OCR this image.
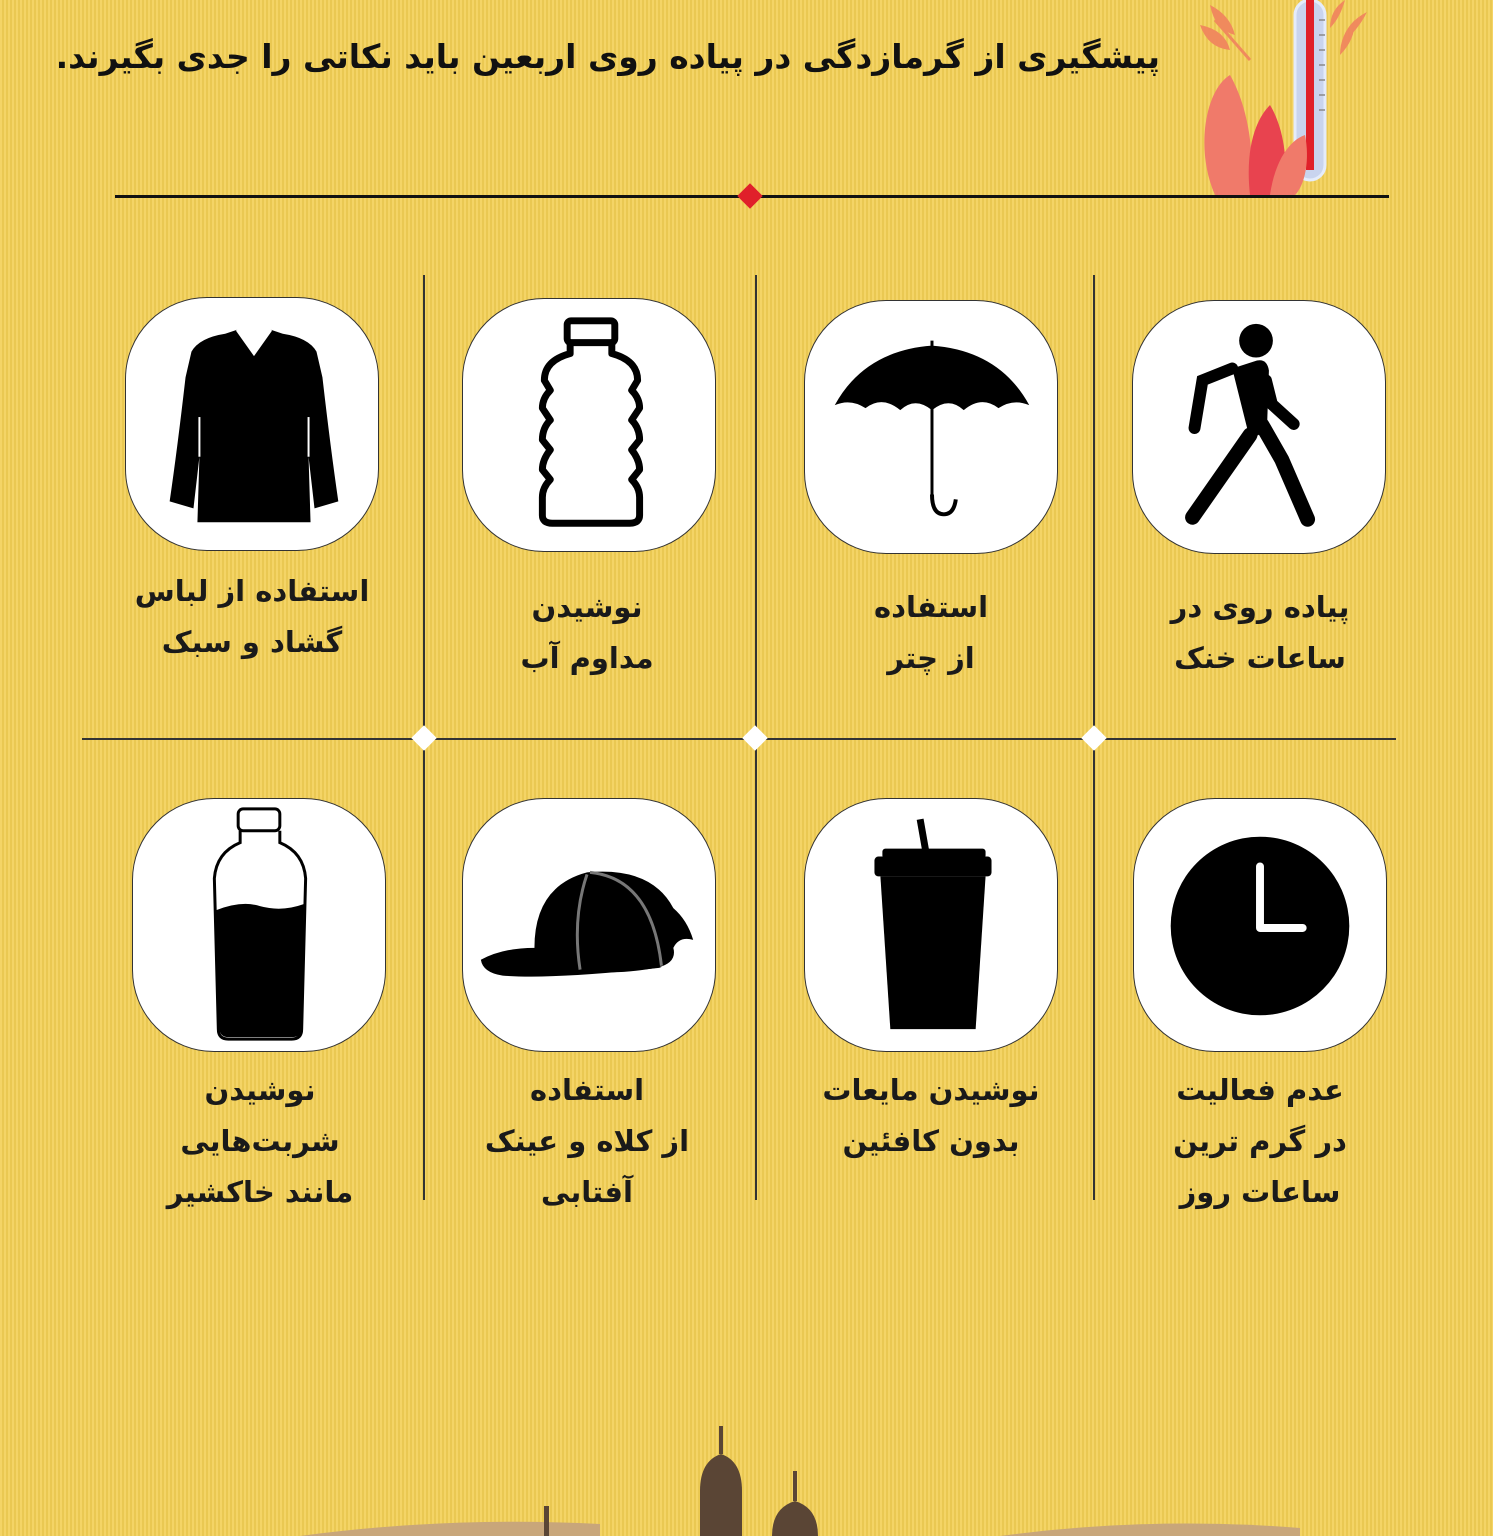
پیشگیری از گرمازدگی در پیاده روی اربعین باید نکاتی را جدی بگیرند.
پیاده روی در
ساعات خنک
استفاده
از چتر
نوشیدن
مداوم آب
استفاده از لباس
گشاد و سبک
عدم فعالیت
در گرم ترین
ساعات روز
نوشیدن مایعات
بدون کافئین
استفاده
از کلاه و عینک
آفتابی
نوشیدن
شربت‌هایی
مانند خاکشیر
